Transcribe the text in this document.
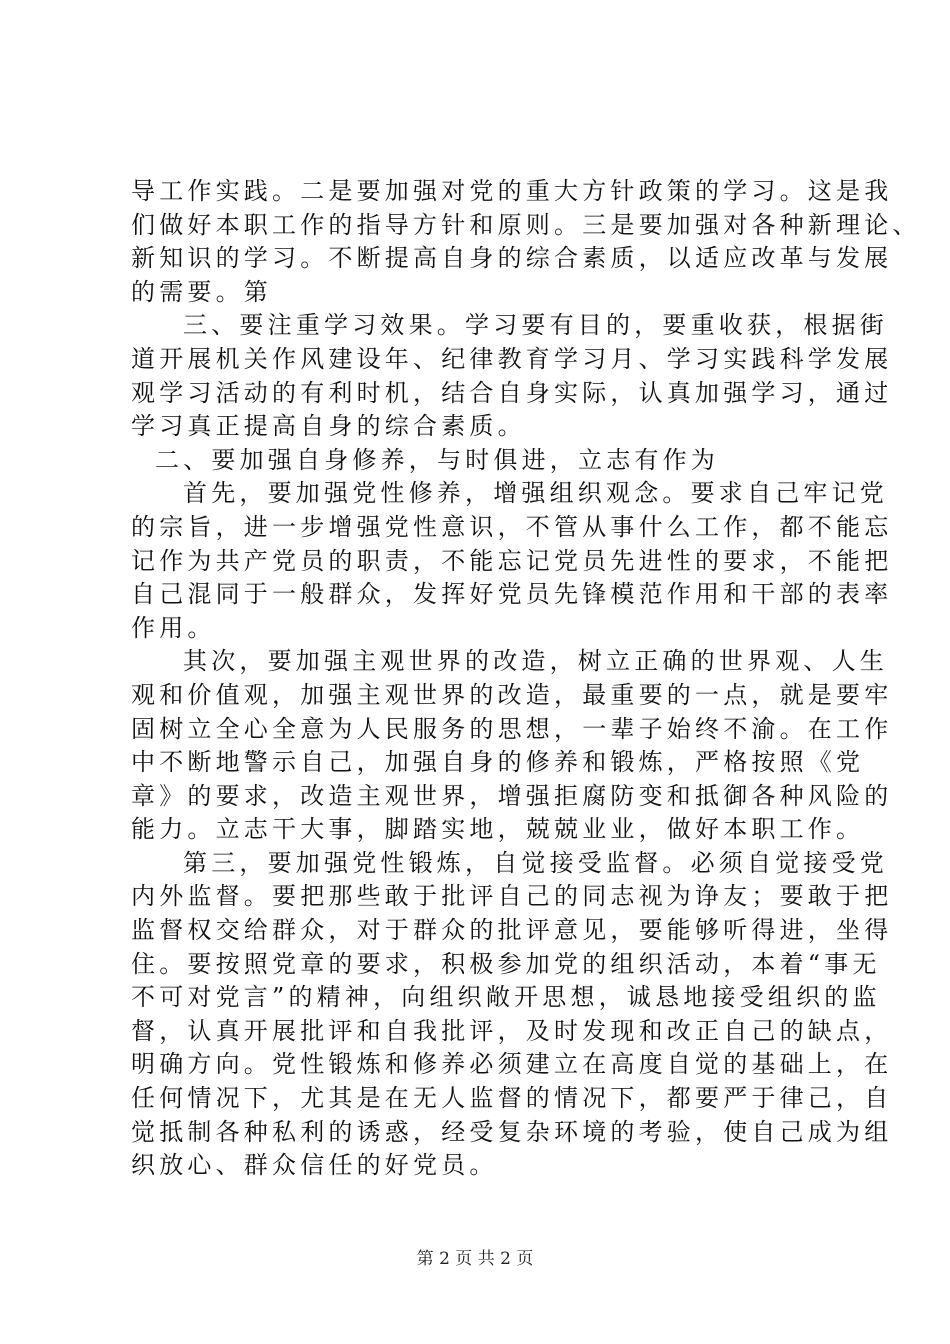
导工作实践。二是要加强对党的重大方针政策的学习。这是我
们做好本职工作的指导方针和原则。三是要加强对各种新理论、
新知识的学习。不断提高自身的综合素质，以适应改革与发展
的需要。第
三、要注重学习效果。学习要有目的，要重收获，根据街
道开展机关作风建设年、纪律教育学习月、学习实践科学发展
观学习活动的有利时机，结合自身实际，认真加强学习，通过
学习真正提高自身的综合素质。
二、要加强自身修养，与时俱进，立志有作为
首先，要加强党性修养，增强组织观念。要求自己牢记党
的宗旨，进一步增强党性意识，不管从事什么工作，都不能忘
记作为共产党员的职责，不能忘记党员先进性的要求，不能把
自己混同于一般群众，发挥好党员先锋模范作用和干部的表率
作用。
其次，要加强主观世界的改造，树立正确的世界观、人生
观和价值观，加强主观世界的改造，最重要的一点，就是要牢
固树立全心全意为人民服务的思想，一辈子始终不渝。在工作
中不断地警示自己，加强自身的修养和锻炼，严格按照《党
章》的要求，改造主观世界，增强拒腐防变和抵御各种风险的
能力。立志干大事，脚踏实地，兢兢业业，做好本职工作。
第三，要加强党性锻炼，自觉接受监督。必须自觉接受党
内外监督。要把那些敢于批评自己的同志视为诤友；要敢于把
监督权交给群众，对于群众的批评意见，要能够听得进，坐得
住。要按照党章的要求，积极参加党的组织活动，本着“事无
不可对党言”的精神，向组织敞开思想，诚恳地接受组织的监
督，认真开展批评和自我批评，及时发现和改正自己的缺点，
明确方向。党性锻炼和修养必须建立在高度自觉的基础上，在
任何情况下，尤其是在无人监督的情况下，都要严于律己，自
觉抵制各种私利的诱惑，经受复杂环境的考验，使自己成为组
织放心、群众信任的好党员。
第 2 页 共 2 页
